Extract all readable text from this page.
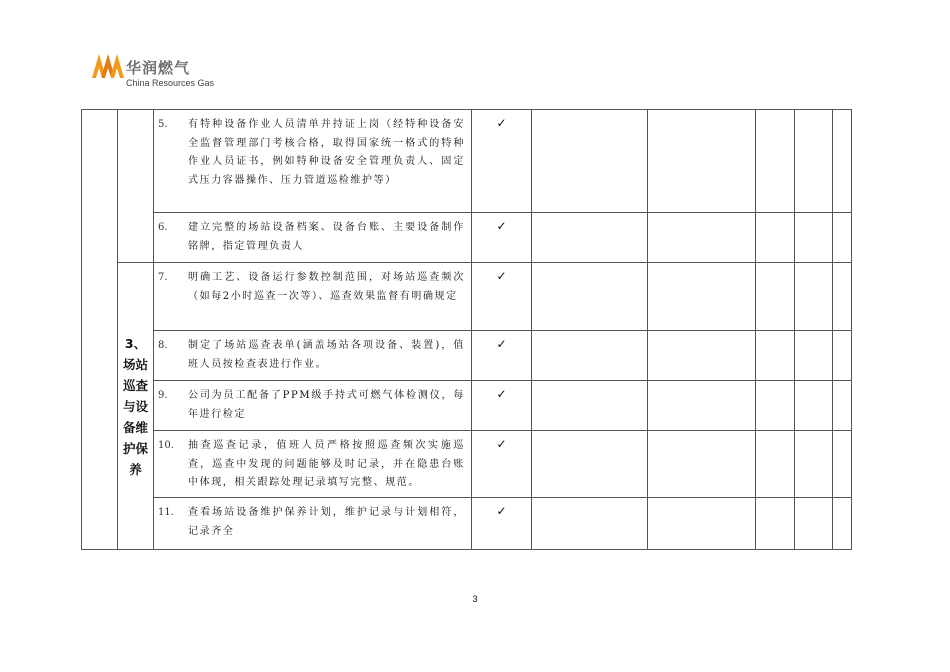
华润燃气
China Resources Gas

		5. 有特种设备作业人员清单并持证上岗（经特种设备安全监督管理部门考核合格，取得国家统一格式的特种作业人员证书，例如特种设备安全管理负责人、固定式压力容器操作、压力管道巡检维护等）	✓					

		6. 建立完整的场站设备档案、设备台账、主要设备制作铭牌，指定管理负责人	✓					
	3、场站巡查与设备维护保养	7. 明确工艺、设备运行参数控制范围，对场站巡查频次（如每2小时巡查一次等）、巡查效果监督有明确规定	✓					

		8. 制定了场站巡查表单(涵盖场站各项设备、装置)，值班人员按检查表进行作业。	✓					

		9. 公司为员工配备了PPM级手持式可燃气体检测仪，每年进行检定	✓					

		10. 抽查巡查记录，值班人员严格按照巡查频次实施巡查，巡查中发现的问题能够及时记录，并在隐患台账中体现，相关跟踪处理记录填写完整、规范。	✓					

		11. 查看场站设备维护保养计划，维护记录与计划相符，记录齐全	✓					
3
